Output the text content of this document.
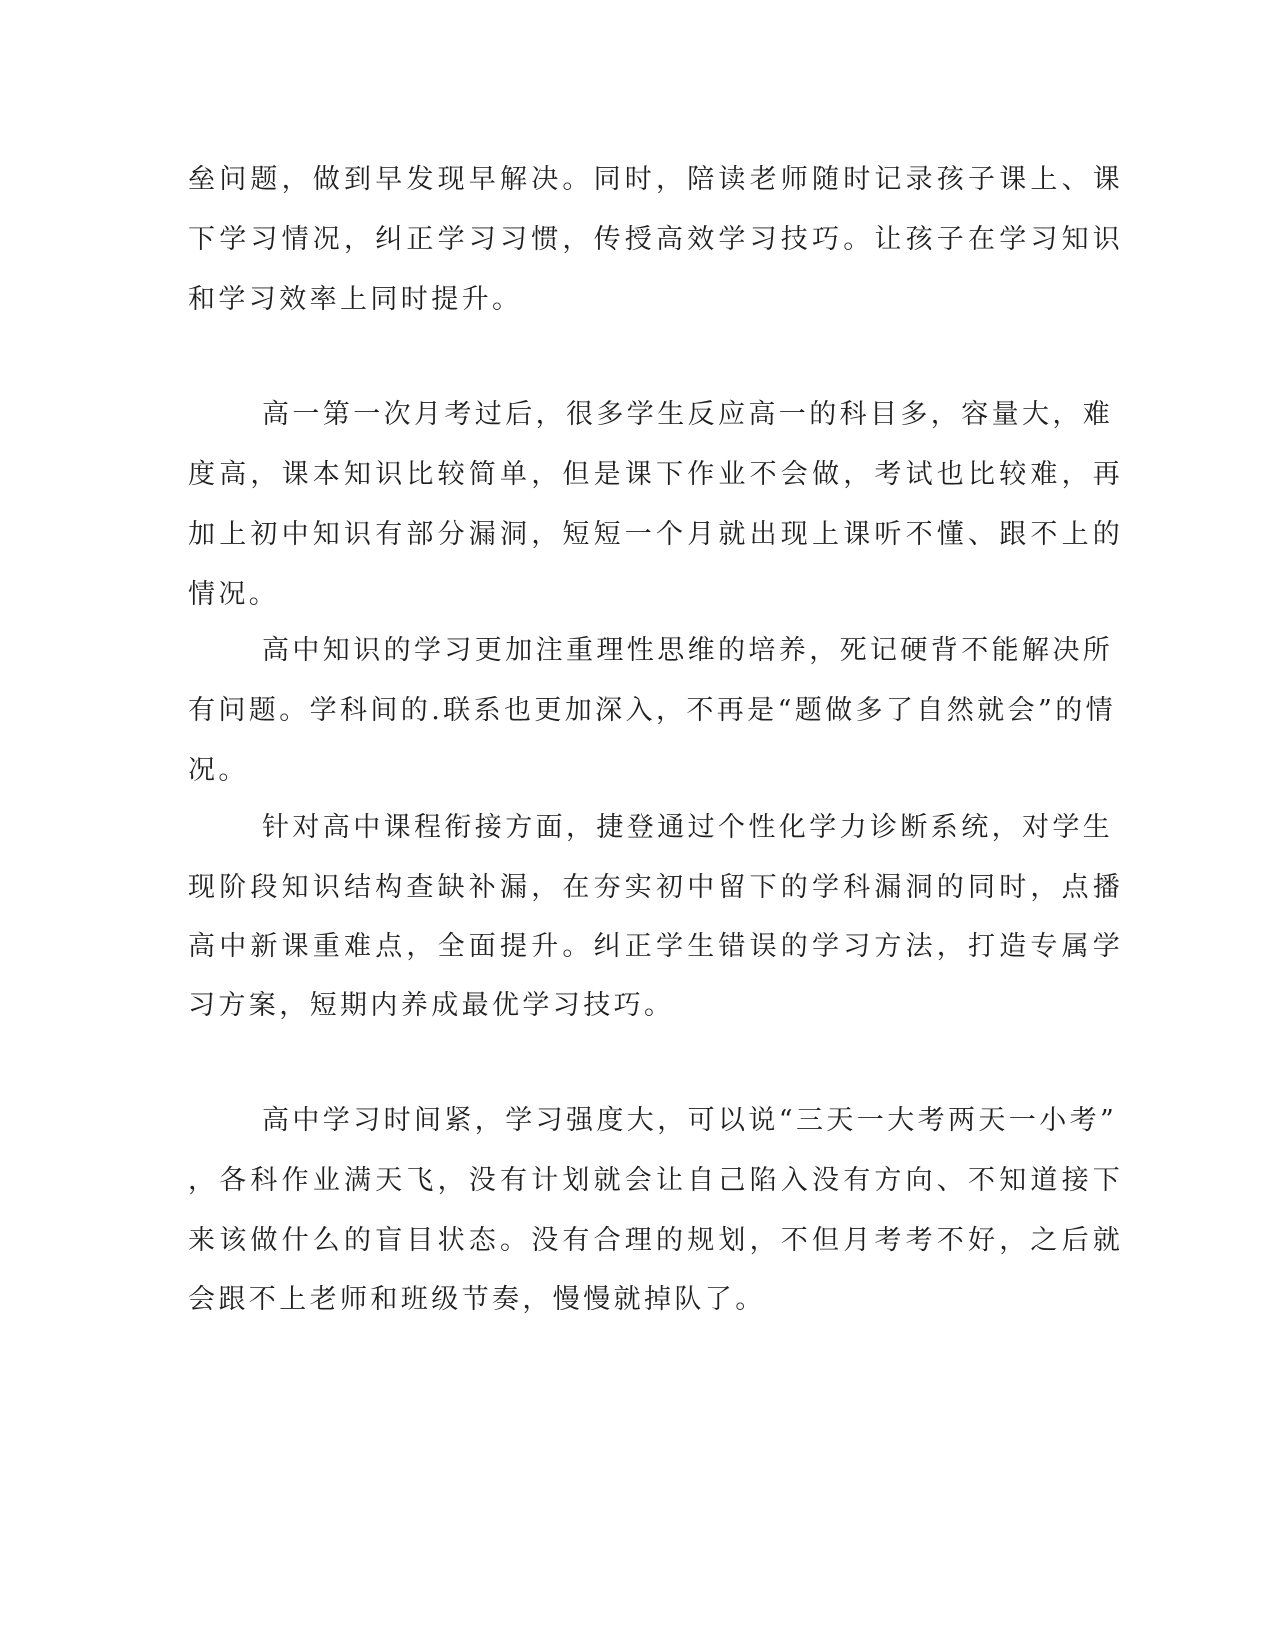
垒问题，做到早发现早解决。同时，陪读老师随时记录孩子课上、课
下学习情况，纠正学习习惯，传授高效学习技巧。让孩子在学习知识
和学习效率上同时提升。
高一第一次月考过后，很多学生反应高一的科目多，容量大，难
度高，课本知识比较简单，但是课下作业不会做，考试也比较难，再
加上初中知识有部分漏洞，短短一个月就出现上课听不懂、跟不上的
情况。
高中知识的学习更加注重理性思维的培养，死记硬背不能解决所
有问题。学科间的.联系也更加深入，不再是“题做多了自然就会”的情
况。
针对高中课程衔接方面，捷登通过个性化学力诊断系统，对学生
现阶段知识结构查缺补漏，在夯实初中留下的学科漏洞的同时，点播
高中新课重难点，全面提升。纠正学生错误的学习方法，打造专属学
习方案，短期内养成最优学习技巧。
高中学习时间紧，学习强度大，可以说“三天一大考两天一小考”
，各科作业满天飞，没有计划就会让自己陷入没有方向、不知道接下
来该做什么的盲目状态。没有合理的规划，不但月考考不好，之后就
会跟不上老师和班级节奏，慢慢就掉队了。
